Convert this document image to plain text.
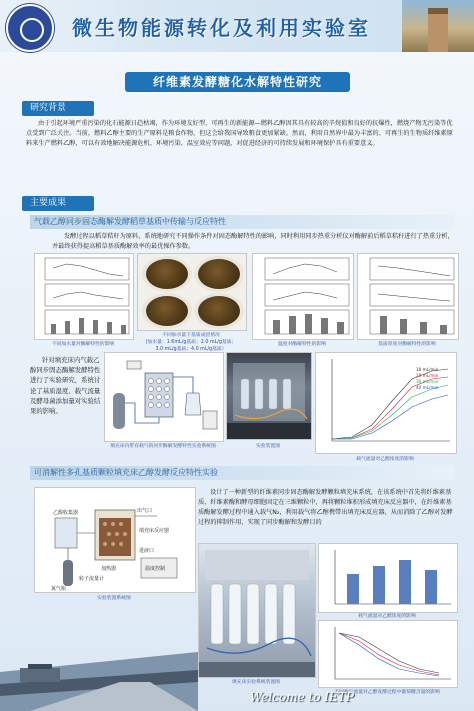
微生物能源转化及利用实验室
纤维素发酵糖化水解特性研究
研究背景
由于引起环境严重污染的化石能源日趋枯竭，作为环境友好型、可再生的新能源—燃料乙醇因其具有较高的辛烷值和良好的抗爆性，燃烧产物无污染等优点受到广泛关注。当前，燃料乙醇主要的生产原料是粮食作物，但这会给我国导致粮食更加紧缺。然而，利用自然界中最为丰富的、可再生的生物质纤维素原料来生产燃料乙醇，可以有效地解决能源危机、环境污染、温室效应等问题，对促进经济的可持续发展和环境保护具有重要意义。
主要成果
气载乙醇同步固态酶解发酵稻草基质中传输与反应特性
发酵过程以稻草秸秆为原料，系统地研究不同操作条件对固态酶解特性的影响，同时利用同步热重分析仪对酶解前后稻草秸秆进行了热重分析，并最终获得提高稻草基质酶解效率的最优操作参数。
不同加水量对酶解特性的影响
不同加水量下基质成团情况
(加水量：1.6mL/g基质；2.0 mL/g基质；
3.0 mL/g基质；4.0 mL/g基质）
温度对酶解特性的影响	基质厚度对酶解特性的影响
针对填充床内气载乙醇同步固态酶解发酵特性进行了实验研究，系统讨论了基质湿度、载气流量及酵母菌添加量对实验结果的影响。
填充床内带有载气的同步酶解发酵特性实验系统图	实验装置图
10 mL/min
20 mL/min
30 mL/min
40 mL/min
载气流量对乙醇浓度的影响
可消解性多孔基质颗粒填充床乙醇发酵反应特性实验
乙醇收集器
填充床反应器
出气口
进液口
加热器	温度控制
转子流量计
氮气瓶
实验装置系统图
设计了一种新型的纤维素同步固态酶解发酵颗粒填充床系统，在该系统中首先将纤维素基质、纤维素酶和酵母细胞固定在三维颗粒中，再将颗粒堆积形成填充床反应器中，在纤维素基质酶解发酵过程中通入载气N₂，利用载气将乙醇携带出填充床反应器，从而消除了乙醇对发酵过程的抑制作用，实现了同步酶解和发酵目的
填充床实验系统装置图
载气流量对乙醇浓度的影响
不同载气流量对乙醇发酵过程中葡萄糖含量的影响
Welcome to IETP
